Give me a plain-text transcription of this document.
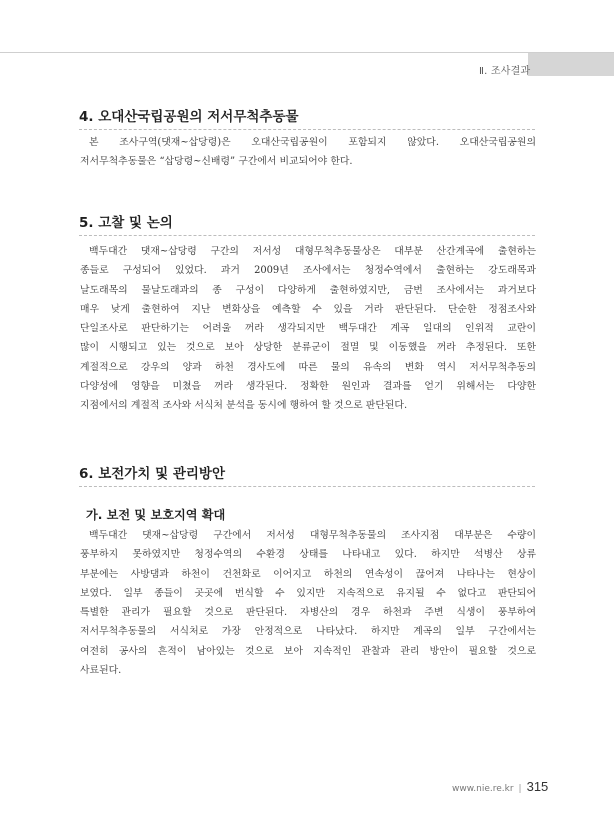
Ⅱ. 조사결과
4. 오대산국립공원의 저서무척추동물
본 조사구역(댓재~삽당령)은 오대산국립공원이 포함되지 않았다. 오대산국립공원의
저서무척추동물은 “삽당령~신배령” 구간에서 비교되어야 한다.
5. 고찰 및 논의
백두대간 댓재~삽당령 구간의 저서성 대형무척추동물상은 대부분 산간계곡에 출현하는
종들로 구성되어 있었다. 과거 2009년 조사에서는 청정수역에서 출현하는 강도래목과
날도래목의 물날도래과의 종 구성이 다양하게 출현하였지만, 금번 조사에서는 과거보다
매우 낮게 출현하여 지난 변화상을 예측할 수 있을 거라 판단된다. 단순한 정점조사와
단일조사로 판단하기는 어려울 꺼라 생각되지만 백두대간 계곡 일대의 인위적 교란이
많이 시행되고 있는 것으로 보아 상당한 분류군이 절멸 및 이동했을 꺼라 추정된다. 또한
계절적으로 강우의 양과 하천 경사도에 따른 물의 유속의 변화 역시 저서무척추동의
다양성에 영향을 미쳤을 꺼라 생각된다. 정확한 원인과 결과를 얻기 위해서는 다양한
지점에서의 계절적 조사와 서식처 분석을 동시에 행하여 할 것으로 판단된다.
6. 보전가치 및 관리방안
가. 보전 및 보호지역 확대
백두대간 댓재~삽당령 구간에서 저서성 대형무척추동물의 조사지점 대부분은 수량이
풍부하지 못하였지만 청정수역의 수환경 상태를 나타내고 있다. 하지만 석병산 상류
부분에는 사방댐과 하천이 건천화로 이어지고 하천의 연속성이 끊어져 나타나는 현상이
보였다. 일부 종들이 곳곳에 번식할 수 있지만 지속적으로 유지될 수 없다고 판단되어
특별한 관리가 필요할 것으로 판단된다. 자병산의 경우 하천과 주변 식생이 풍부하여
저서무척추동물의 서식처로 가장 안정적으로 나타났다. 하지만 계곡의 일부 구간에서는
여전히 공사의 흔적이 남아있는 것으로 보아 지속적인 관찰과 관리 방안이 필요할 것으로
사료된다.
www.nie.re.kr | 315
